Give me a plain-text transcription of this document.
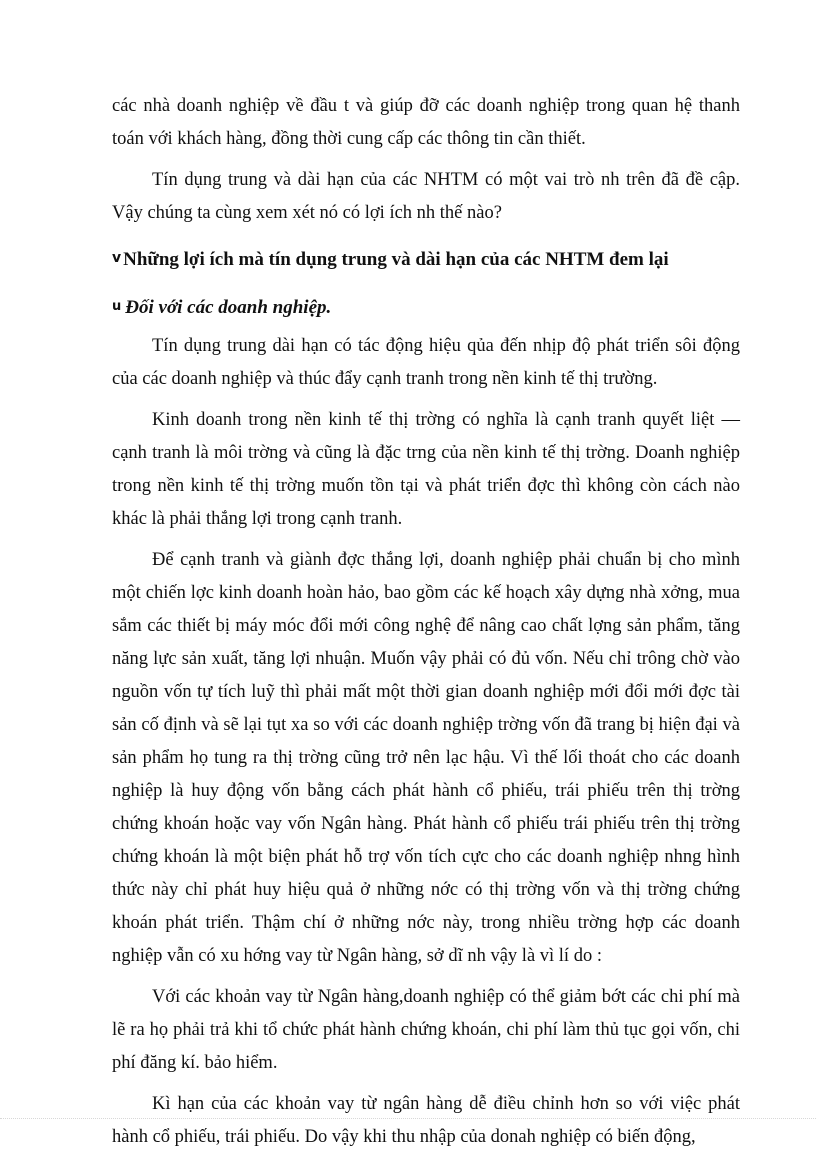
các nhà doanh nghiệp về đầu t và giúp đỡ các doanh nghiệp trong quan hệ thanh toán với khách hàng, đồng thời cung cấp các thông tin cần thiết.

Tín dụng trung và dài hạn của các NHTM có một vai trò nh trên đã đề cập. Vậy chúng ta cùng xem xét nó có lợi ích nh thế nào?

v Những lợi ích mà tín dụng trung và dài hạn của các NHTM đem lại
u Đối với các doanh nghiệp.

Tín dụng trung dài hạn có tác động hiệu qủa đến nhịp độ phát triển sôi động của các doanh nghiệp và thúc đẩy cạnh tranh trong nền kinh tế thị trường.

Kinh doanh trong nền kinh tế thị trờng có nghĩa là cạnh tranh quyết liệt — cạnh tranh là môi trờng và cũng là đặc trng của nền kinh tế thị trờng. Doanh nghiệp trong nền kinh tế thị trờng muốn tồn tại và phát triển đợc thì không còn cách nào khác là phải thắng lợi trong cạnh tranh.

Để cạnh tranh và giành đợc thắng lợi, doanh nghiệp phải chuẩn bị cho mình một chiến lợc kinh doanh hoàn hảo, bao gồm các kế hoạch xây dựng nhà xởng, mua sắm các thiết bị máy móc đổi mới công nghệ để nâng cao chất lợng sản phẩm, tăng năng lực sản xuất, tăng lợi nhuận. Muốn vậy phải có đủ vốn. Nếu chỉ trông chờ vào nguồn vốn tự tích luỹ thì phải mất một thời gian doanh nghiệp mới đổi mới đợc tài sản cố định và sẽ lại tụt xa so với các doanh nghiệp trờng vốn đã trang bị hiện đại và sản phẩm họ tung ra thị trờng cũng trở nên lạc hậu. Vì thế lối thoát cho các doanh nghiệp là huy động vốn bằng cách phát hành cổ phiếu, trái phiếu trên thị trờng chứng khoán hoặc vay vốn Ngân hàng. Phát hành cổ phiếu trái phiếu trên thị trờng chứng khoán là một biện phát hỗ trợ vốn tích cực cho các doanh nghiệp nhng hình thức này chỉ phát huy hiệu quả ở những nớc có thị trờng vốn và thị trờng chứng khoán phát triển. Thậm chí ở những nớc này, trong nhiều trờng hợp các doanh nghiệp vẫn có xu hớng vay từ Ngân hàng, sở dĩ nh vậy là vì lí do :

Với các khoản vay từ Ngân hàng,doanh nghiệp có thể giảm bớt các chi phí mà lẽ ra họ phải trả khi tổ chức phát hành chứng khoán, chi phí làm thủ tục gọi vốn, chi phí đăng kí. bảo hiểm.

Kì hạn của các khoản vay từ ngân hàng dễ điều chỉnh hơn so với việc phát hành cổ phiếu, trái phiếu. Do vậy khi thu nhập của donah nghiệp có biến động,
